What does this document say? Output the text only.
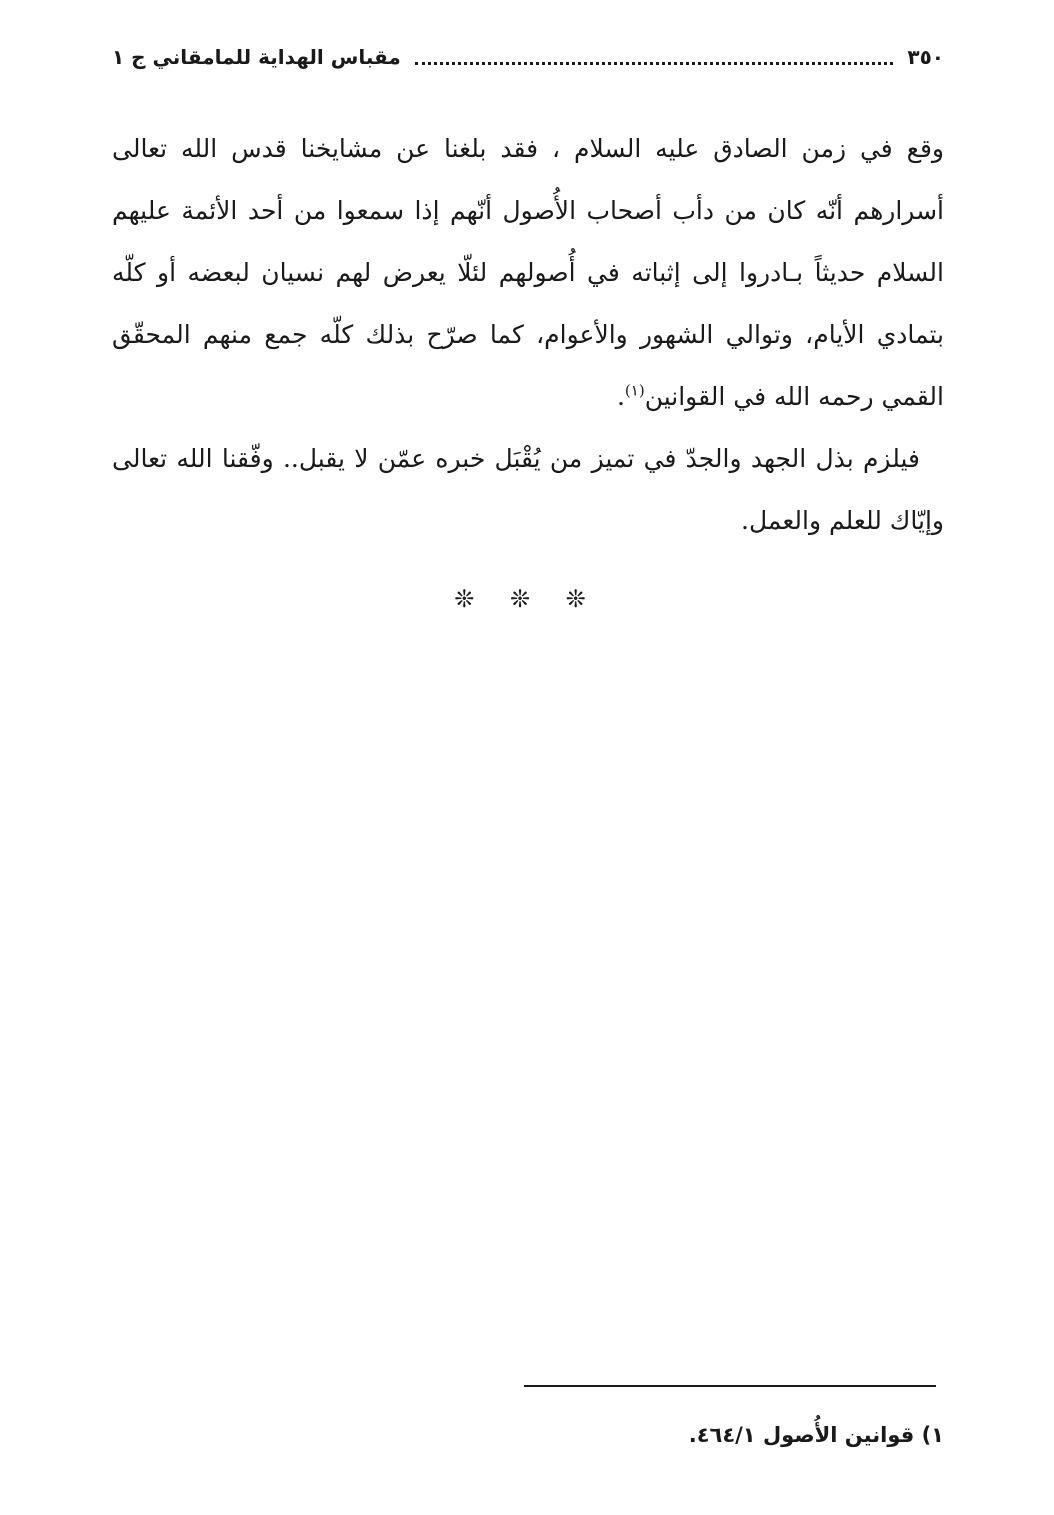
٣٥٠
مقباس الهداية للمامقاني ج ١

وقع في زمن الصادق عليه السلام ، فقد بلغنا عن مشايخنا قدس الله تعالى أسرارهم أنّه كان من دأب أصحاب الأُصول أنّهم إذا سمعوا من أحد الأئمة عليهم السلام حديثاً بـادروا إلى إثباته في أُصولهم لئلّا يعرض لهم نسيان لبعضه أو كلّه بتمادي الأيام، وتوالي الشهور والأعوام، كما صرّح بذلك كلّه جمع منهم المحقّق القمي رحمه الله في القوانين$^{(١)}$.

فيلزم بذل الجهد والجدّ في تميز من يُقْبَل خبره عمّن لا يقبل.. وفّقنا الله تعالى وإيّاك للعلم والعمل.

❊ ❊ ❊
١) قوانين الأُصول ٤٦٤/١.
